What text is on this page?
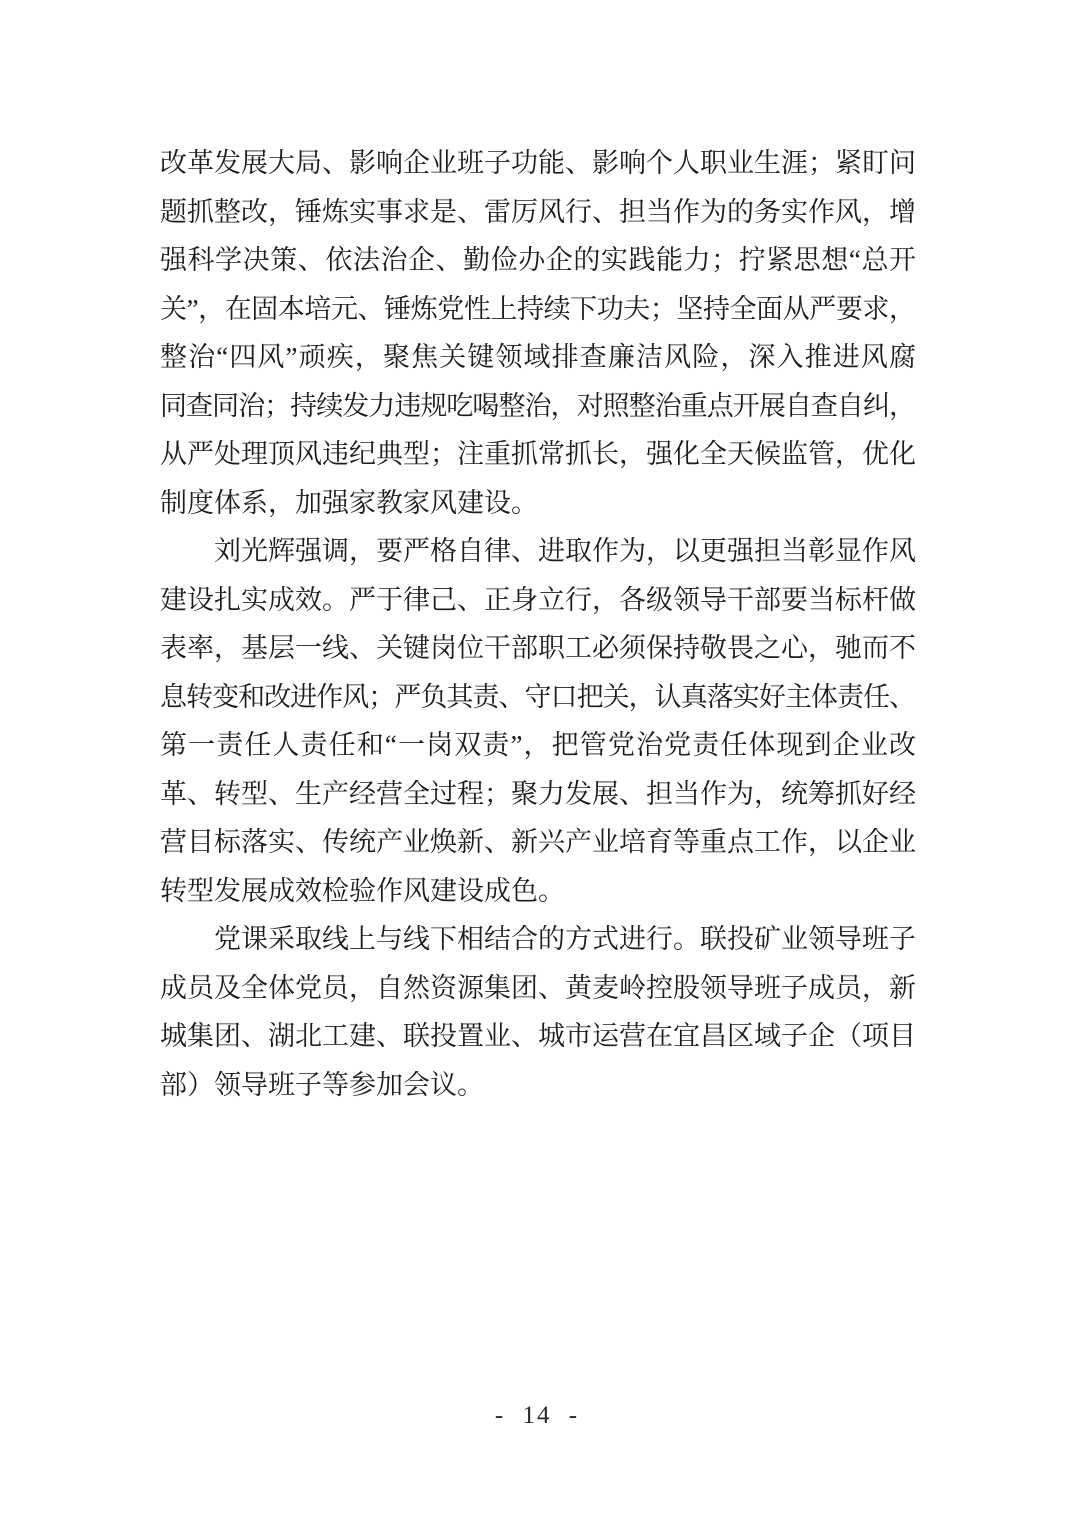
改革发展大局、影响企业班子功能、影响个人职业生涯；紧盯问
题抓整改，锤炼实事求是、雷厉风行、担当作为的务实作风，增
强科学决策、依法治企、勤俭办企的实践能力；拧紧思想“总开
关”，在固本培元、锤炼党性上持续下功夫；坚持全面从严要求，
整治“四风”顽疾，聚焦关键领域排查廉洁风险，深入推进风腐
同查同治；持续发力违规吃喝整治，对照整治重点开展自查自纠，
从严处理顶风违纪典型；注重抓常抓长，强化全天候监管，优化
制度体系，加强家教家风建设。
刘光辉强调，要严格自律、进取作为，以更强担当彰显作风
建设扎实成效。严于律己、正身立行，各级领导干部要当标杆做
表率，基层一线、关键岗位干部职工必须保持敬畏之心，驰而不
息转变和改进作风；严负其责、守口把关，认真落实好主体责任、
第一责任人责任和“一岗双责”，把管党治党责任体现到企业改
革、转型、生产经营全过程；聚力发展、担当作为，统筹抓好经
营目标落实、传统产业焕新、新兴产业培育等重点工作，以企业
转型发展成效检验作风建设成色。
党课采取线上与线下相结合的方式进行。联投矿业领导班子
成员及全体党员，自然资源集团、黄麦岭控股领导班子成员，新
城集团、湖北工建、联投置业、城市运营在宜昌区域子企（项目
部）领导班子等参加会议。
- 14 -
